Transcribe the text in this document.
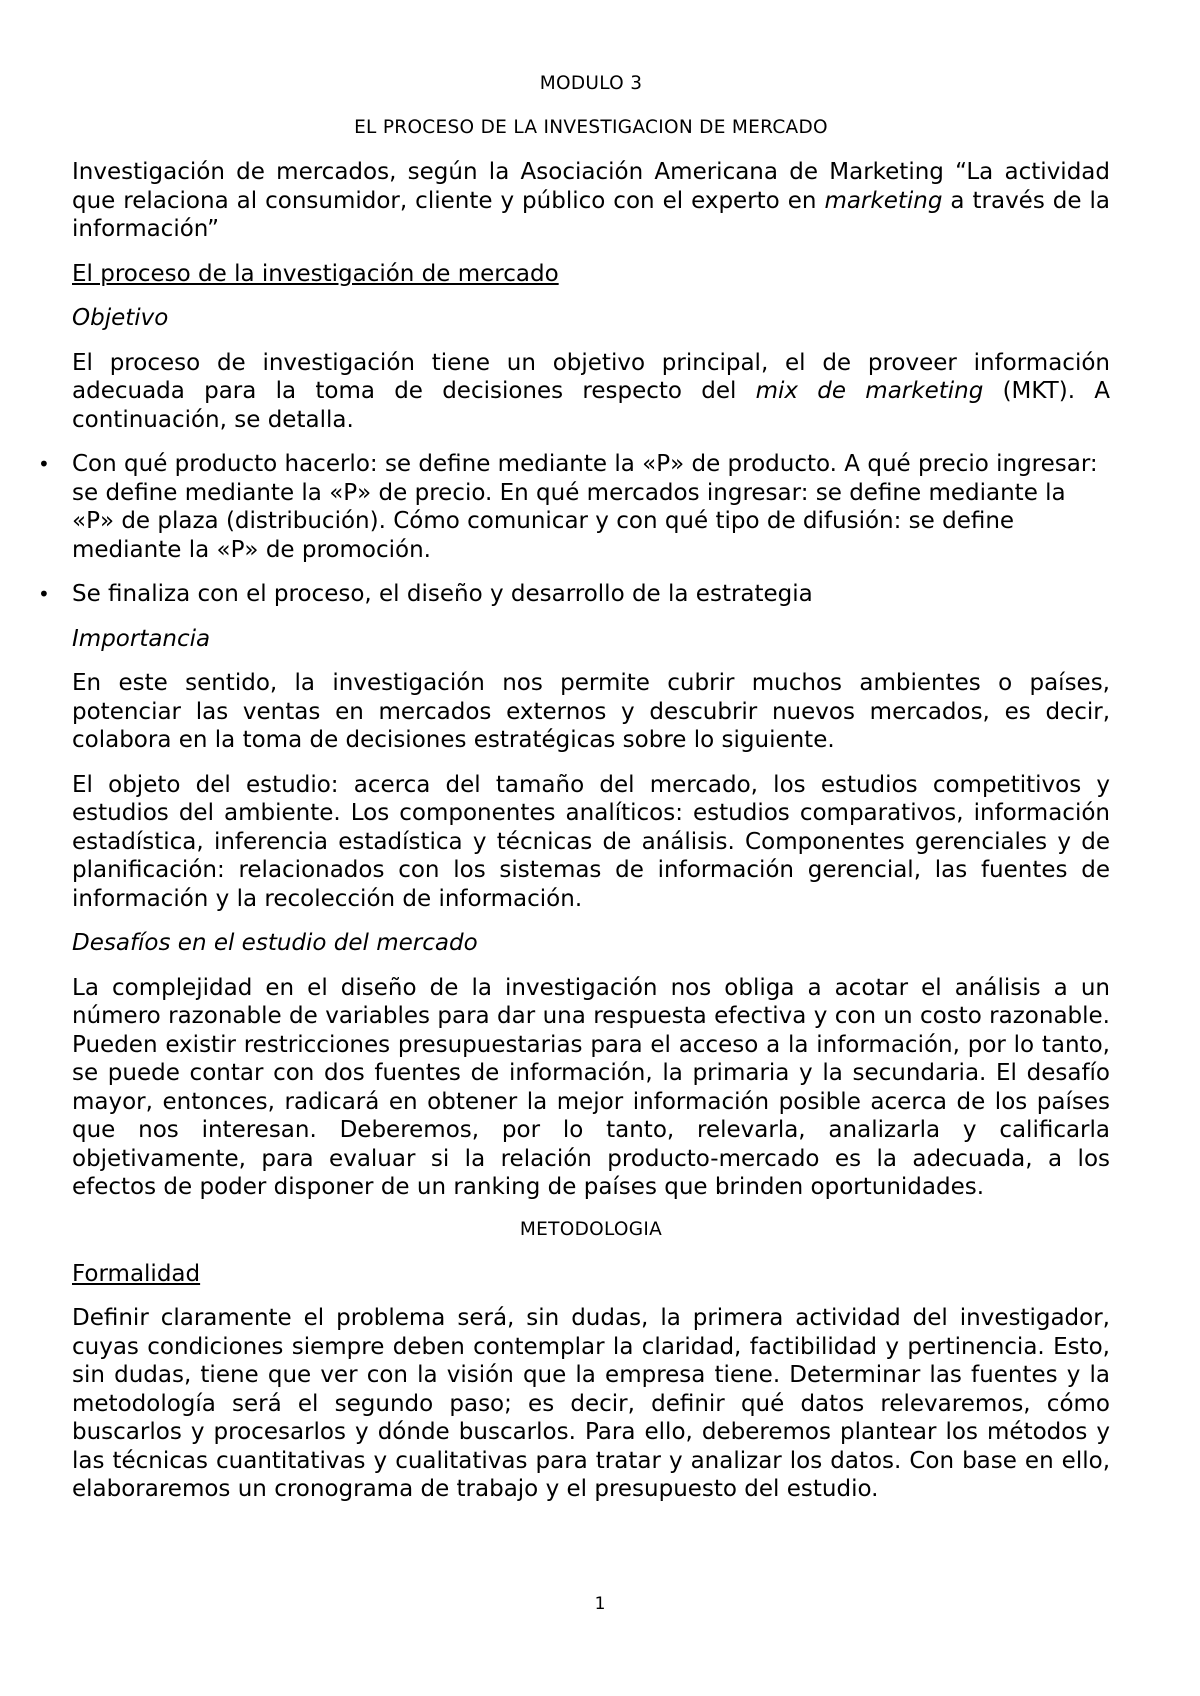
MODULO 3
EL PROCESO DE LA INVESTIGACION DE MERCADO

Investigación de mercados, según la Asociación Americana de Marketing “La actividad que relaciona al consumidor, cliente y público con el experto en marketing a través de la información”

El proceso de la investigación de mercado

Objetivo

El proceso de investigación tiene un objetivo principal, el de proveer información adecuada para la toma de decisiones respecto del mix de marketing (MKT). A continuación, se detalla.

• Con qué producto hacerlo: se define mediante la «P» de producto. A qué precio ingresar: se define mediante la «P» de precio. En qué mercados ingresar: se define mediante la «P» de plaza (distribución). Cómo comunicar y con qué tipo de difusión: se define mediante la «P» de promoción.
• Se finaliza con el proceso, el diseño y desarrollo de la estrategia

Importancia

En este sentido, la investigación nos permite cubrir muchos ambientes o países, potenciar las ventas en mercados externos y descubrir nuevos mercados, es decir, colabora en la toma de decisiones estratégicas sobre lo siguiente.

El objeto del estudio: acerca del tamaño del mercado, los estudios competitivos y estudios del ambiente. Los componentes analíticos: estudios comparativos, información estadística, inferencia estadística y técnicas de análisis. Componentes gerenciales y de planificación: relacionados con los sistemas de información gerencial, las fuentes de información y la recolección de información.

Desafíos en el estudio del mercado

La complejidad en el diseño de la investigación nos obliga a acotar el análisis a un número razonable de variables para dar una respuesta efectiva y con un costo razonable. Pueden existir restricciones presupuestarias para el acceso a la información, por lo tanto, se puede contar con dos fuentes de información, la primaria y la secundaria. El desafío mayor, entonces, radicará en obtener la mejor información posible acerca de los países que nos interesan. Deberemos, por lo tanto, relevarla, analizarla y calificarla objetivamente, para evaluar si la relación producto-mercado es la adecuada, a los efectos de poder disponer de un ranking de países que brinden oportunidades.

METODOLOGIA

Formalidad

Definir claramente el problema será, sin dudas, la primera actividad del investigador, cuyas condiciones siempre deben contemplar la claridad, factibilidad y pertinencia. Esto, sin dudas, tiene que ver con la visión que la empresa tiene. Determinar las fuentes y la metodología será el segundo paso; es decir, definir qué datos relevaremos, cómo buscarlos y procesarlos y dónde buscarlos. Para ello, deberemos plantear los métodos y las técnicas cuantitativas y cualitativas para tratar y analizar los datos. Con base en ello, elaboraremos un cronograma de trabajo y el presupuesto del estudio.

1
